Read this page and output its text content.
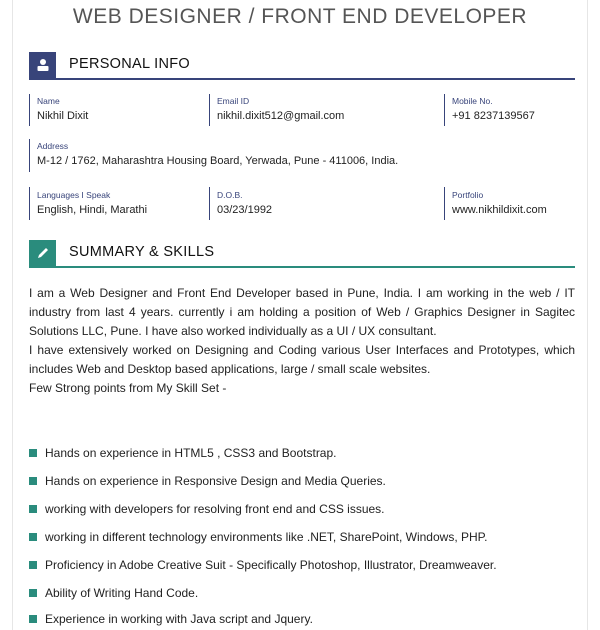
WEB DESIGNER / FRONT END DEVELOPER
PERSONAL INFO
Name
Nikhil Dixit
Email ID
nikhil.dixit512@gmail.com
Mobile No.
+91 8237139567
Address
M-12 / 1762, Maharashtra Housing Board, Yerwada, Pune - 411006, India.
Languages I Speak
English, Hindi, Marathi
D.O.B.
03/23/1992
Portfolio
www.nikhildixit.com
SUMMARY & SKILLS

I am a Web Designer and Front End Developer based in Pune, India. I am working in the web / IT industry from last 4 years. currently i am holding a position of Web / Graphics Designer in Sagitec Solutions LLC, Pune. I have also worked individually as a UI / UX consultant.

I have extensively worked on Designing and Coding various User Interfaces and Prototypes, which includes Web and Desktop based applications, large / small scale websites.

Few Strong points from My Skill Set -

Hands on experience in HTML5 , CSS3 and Bootstrap.
Hands on experience in Responsive Design and Media Queries.
working with developers for resolving front end and CSS issues.
working in different technology environments like .NET, SharePoint, Windows, PHP.
Proficiency in Adobe Creative Suit - Specifically Photoshop, Illustrator, Dreamweaver.
Ability of Writing Hand Code.
Experience in working with Java script and Jquery.
